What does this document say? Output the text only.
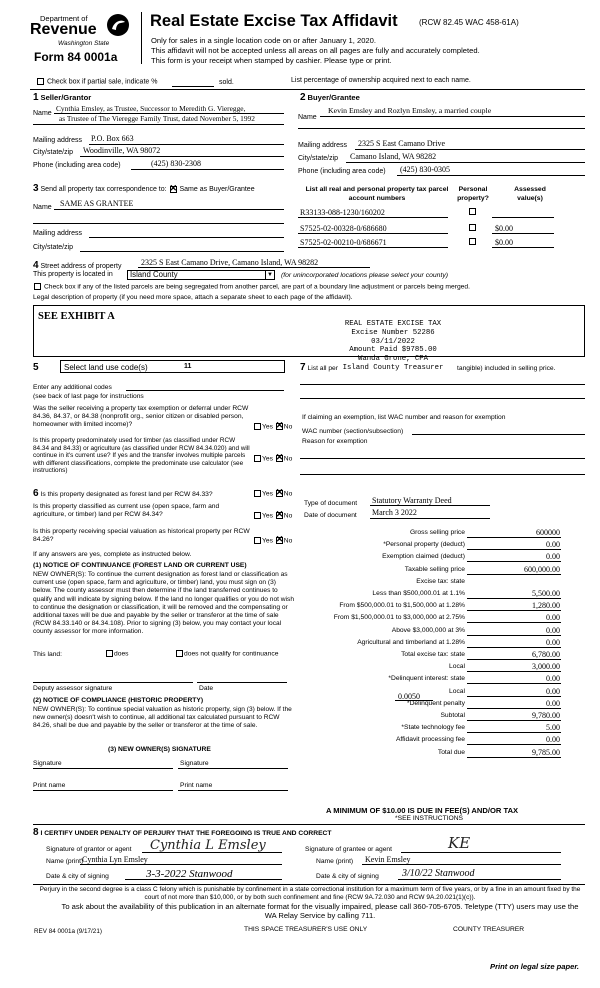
Department of
Revenue
Washington State
Form 84 0001a
Real Estate Excise Tax Affidavit	(RCW 82.45 WAC 458-61A)
Only for sales in a single location code on or after January 1, 2020.
This affidavit will not be accepted unless all areas on all pages are fully and accurately completed.
This form is your receipt when stamped by cashier. Please type or print.
Check box if partial sale, indicate %	sold.	List percentage of ownership acquired next to each name.
1 Seller/Grantor
Name
Cynthia Emsley, as Trustee, Successor to Meredith G. Vieregge,
as Trustee of The Vieregge Family Trust, dated November 5, 1992
Mailing address P.O. Box 663
City/state/zip Woodinville, WA 98072
Phone (including area code)	(425) 830-2308
2 Buyer/Grantee
Name
Kevin Emsley and Rozlyn Emsley, a married couple
Mailing address 2325 S East Camano Drive
City/state/zip Camano Island, WA 98282
Phone (including area code) (425) 830-0305
3 Send all property tax correspondence to: ✕ Same as Buyer/Grantee
Name SAME AS GRANTEE
Mailing address
City/state/zip
List all real and personal property tax parcel account numbers
Personal property?
Assessed value(s)
R33133-088-1230/160202
S7525-02-00328-0/686680	$0.00
S7525-02-00210-0/686671	$0.00
4 Street address of property 2325 S East Camano Drive, Camano Island, WA 98282
This property is located in	Island County	▼ (for unincorporated locations please select your county)
Check box if any of the listed parcels are being segregated from another parcel, are part of a boundary line adjustment or parcels being merged.
Legal description of property (if you need more space, attach a separate sheet to each page of the affidavit).
SEE EXHIBIT A
REAL ESTATE EXCISE TAX
Excise Number 52286
03/11/2022
Amount Paid $9785.00
Wanda Grone, CPA
Island County Treasurer
5	Select land use code(s)	11
Enter any additional codes
(see back of last page for instructions
Was the seller receiving a property tax exemption or deferral under RCW 84.36, 84.37, or 84.38 (nonprofit org., senior citizen or disabled person, homeowner with limited income)?	Yes ✕ No
Is this property predominately used for timber (as classified under RCW 84.34 and 84.33) or agriculture (as classified under RCW 84.34.020) and will continue in it's current use? If yes and the transfer involves multiple parcels with different classifications, complete the predominate use calculator (see instructions)
Yes ✕ No
7 List all per	tangible) included in selling price.
If claiming an exemption, list WAC number and reason for exemption
WAC number (section/subsection)
Reason for exemption
6 Is this property designated as forest land per RCW 84.33?	Yes ✕ No
Is this property classified as current use (open space, farm and agriculture, or timber) land per RCW 84.34?	Yes ✕ No
Is this property receiving special valuation as historical property per RCW 84.26?	Yes ✕ No
If any answers are yes, complete as instructed below.
(1) NOTICE OF CONTINUANCE (FOREST LAND OR CURRENT USE)
NEW OWNER(S): To continue the current designation as forest land or classification as current use (open space, farm and agriculture, or timber) land, you must sign on (3) below. The county assessor must then determine if the land transferred continues to qualify and will indicate by signing below. If the land no longer qualifies or you do not wish to continue the designation or classification, it will be removed and the compensating or additional taxes will be due and payable by the seller or transferor at the time of sale (RCW 84.33.140 or 84.34.108). Prior to signing (3) below, you may contact your local county assessor for more information.
This land:	does	does not qualify for continuance
Deputy assessor signature	Date
(2) NOTICE OF COMPLIANCE (HISTORIC PROPERTY)
NEW OWNER(S): To continue special valuation as historic property, sign (3) below. If the new owner(s) doesn't wish to continue, all additional tax calculated pursuant to RCW 84.26, shall be due and payable by the seller or transferor at the time of sale.
(3) NEW OWNER(S) SIGNATURE
Signature	Signature
Print name	Print name
Type of document Statutory Warranty Deed
Date of document March 3 2022
Gross selling price	600000
*Personal property (deduct)	0.00
Exemption claimed (deduct)	0.00
Taxable selling price	600,000.00
Excise tax: state
Less than $500,000.01 at 1.1%	5,500.00
From $500,000.01 to $1,500,000 at 1.28%	1,280.00
From $1,500,000.01 to $3,000,000 at 2.75%	0.00
Above $3,000,000 at 3%	0.00
Agricultural and timberland at 1.28%	0.00
Total excise tax: state	6,780.00
Local	3,000.00
*Delinquent interest: state	0.00
Local	0.00
*Delinquent penalty	0.00
Subtotal	9,780.00
*State technology fee	5.00
Affidavit processing fee	0.00
Total due	9,785.00
0.0050
A MINIMUM OF $10.00 IS DUE IN FEE(S) AND/OR TAX
*SEE INSTRUCTIONS
8 I CERTIFY UNDER PENALTY OF PERJURY THAT THE FOREGOING IS TRUE AND CORRECT
Signature of grantor or agent Cynthia L Emsley	Signature of grantee or agent	KE
Name (print)
Cynthia Lyn Emsley	Name (print) Kevin Emsley
Date & city of signing	3-3-2022 Stanwood	Date & city of signing 3/10/22 Stanwood
Perjury in the second degree is a class C felony which is punishable by confinement in a state correctional institution for a maximum term of five years, or by a fine in an amount fixed by the court of not more than $10,000, or by both such confinement and fine (RCW 9A.72.030 and RCW 9A.20.021(1)(c)).
To ask about the availability of this publication in an alternate format for the visually impaired, please call 360-705-6705. Teletype (TTY) users may use the WA Relay Service by calling 711.
REV 84 0001a (9/17/21)	THIS SPACE TREASURER'S USE ONLY	COUNTY TREASURER
Print on legal size paper.
